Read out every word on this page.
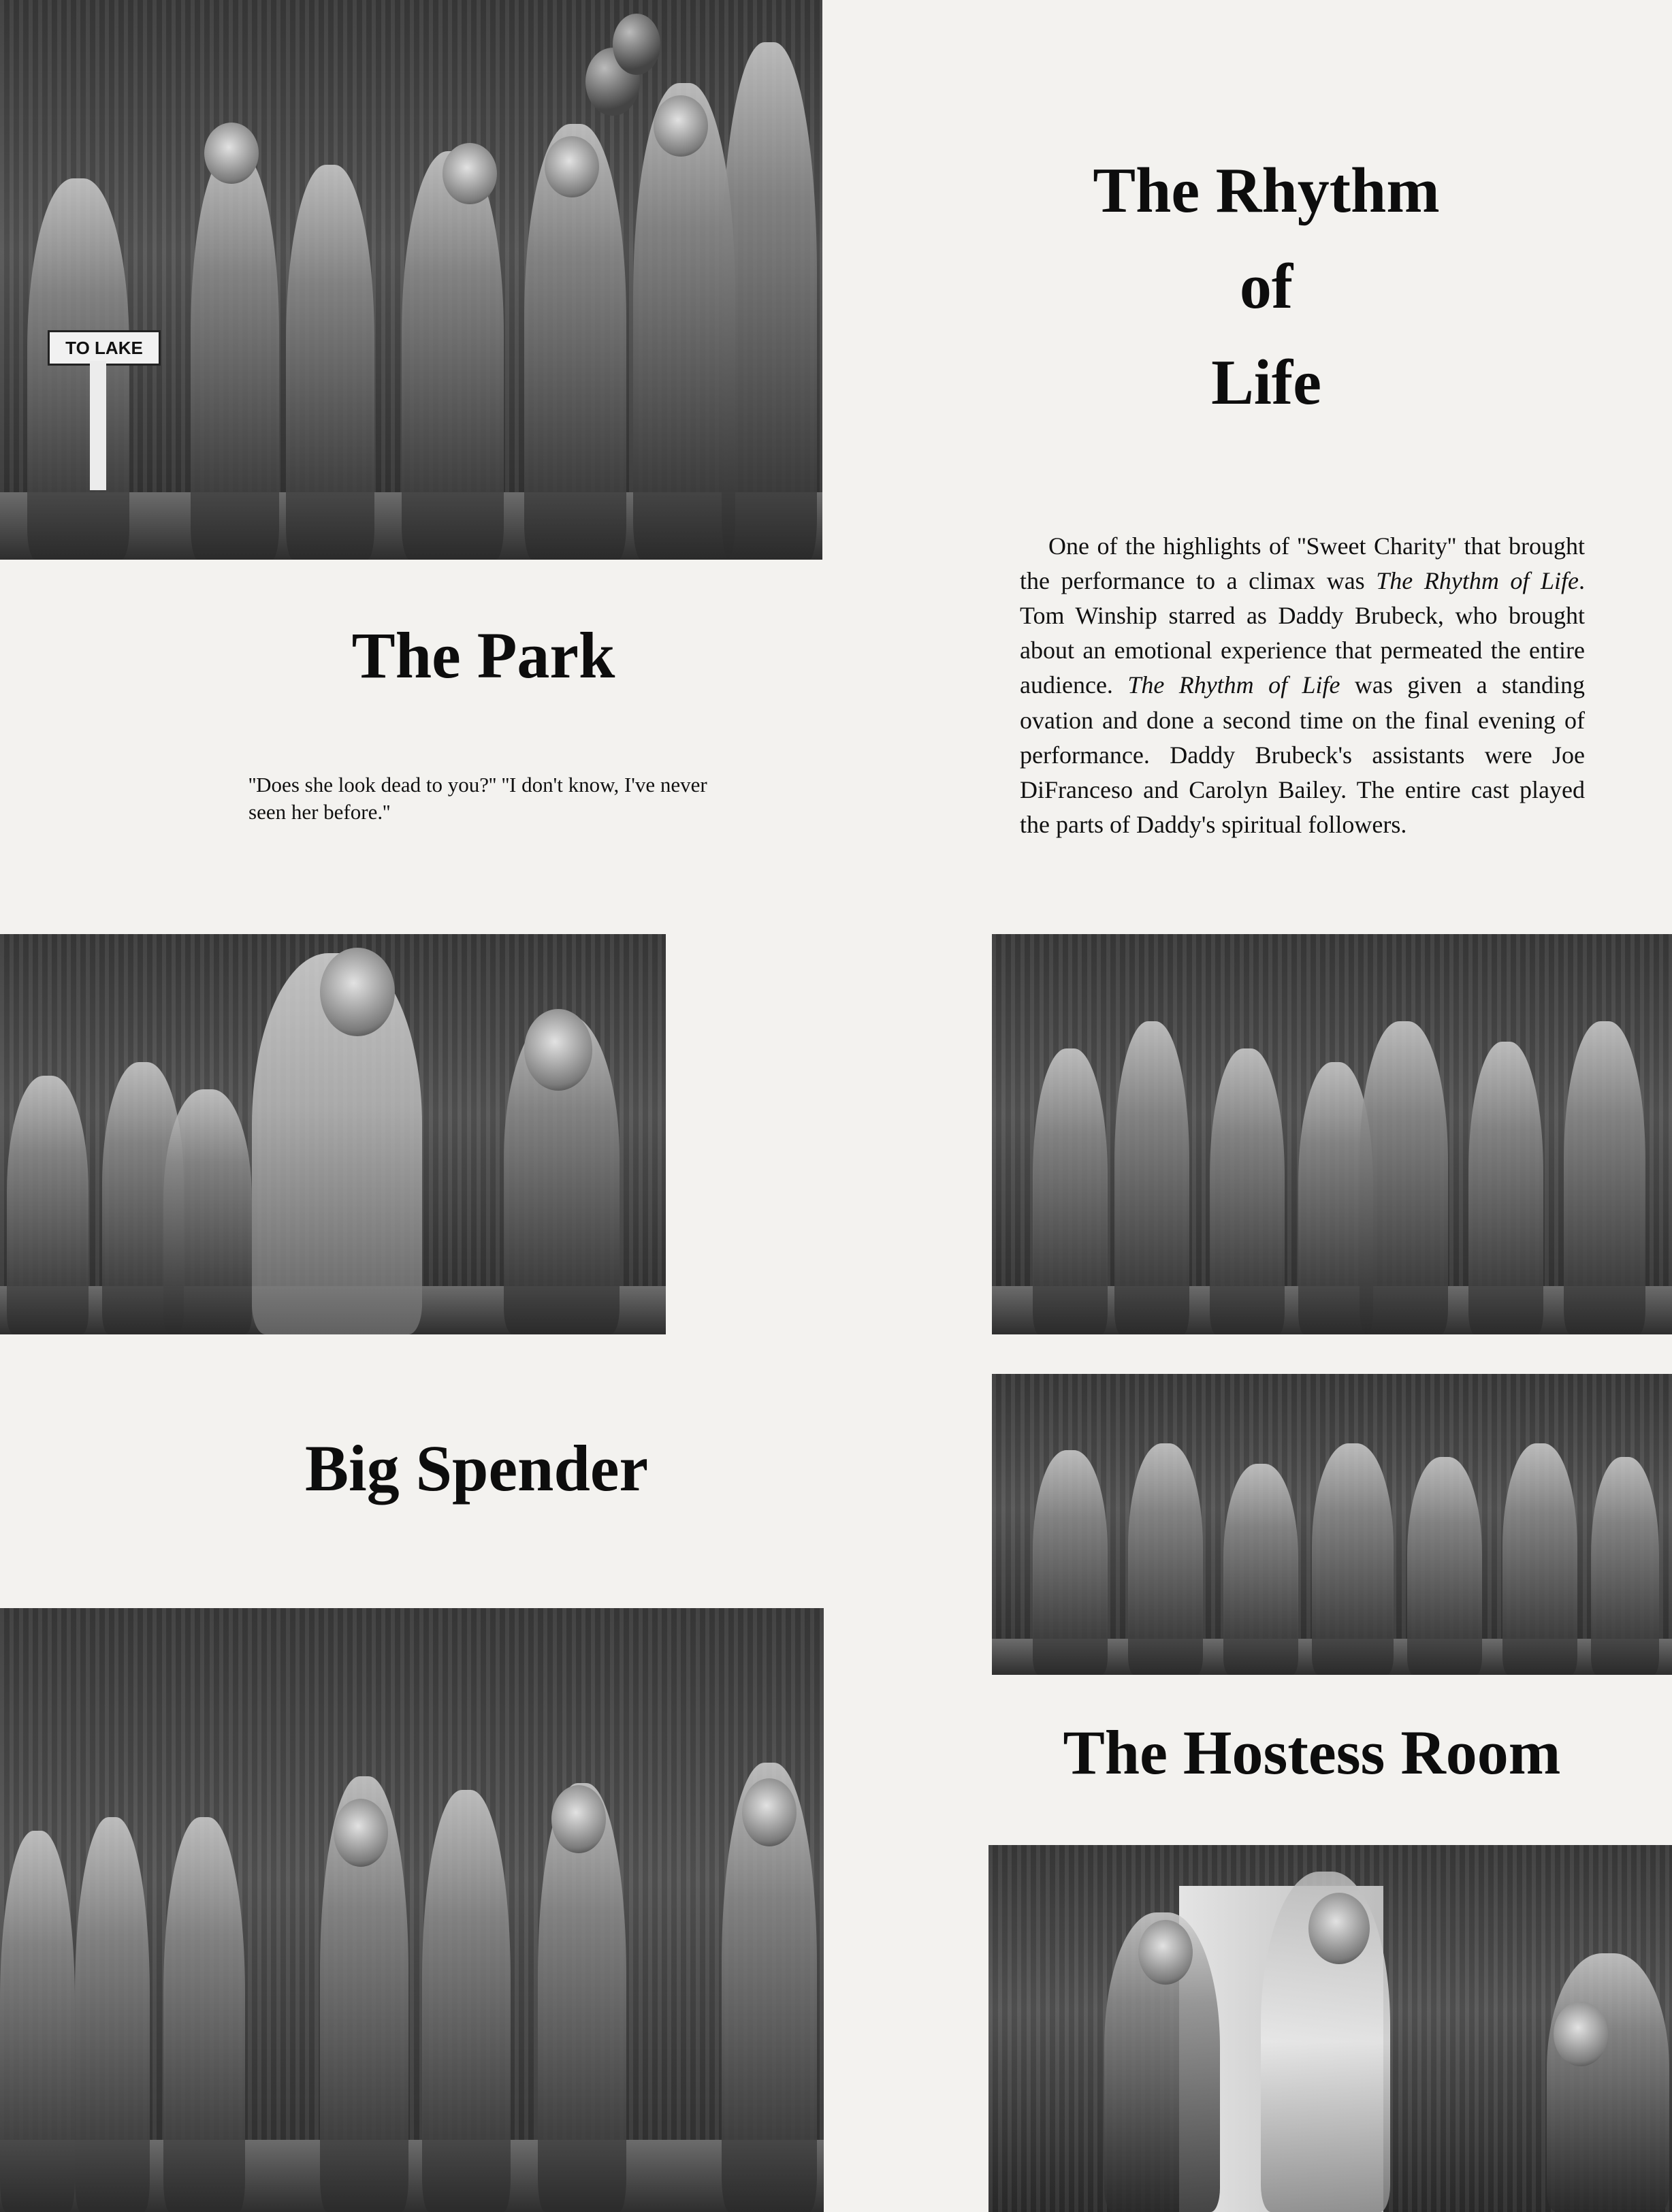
TO LAKE
The Rhythm
of
Life
One of the highlights of ''Sweet Charity'' that brought the performance to a climax was The Rhythm of Life. Tom Winship starred as Daddy Brubeck, who brought about an emotional experience that permeated the entire audience. The Rhythm of Life was given a standing ovation and done a second time on the final evening of performance. Daddy Brubeck's assistants were Joe DiFranceso and Carolyn Bailey. The entire cast played the parts of Daddy's spiritual followers.
The Park
''Does she look dead to you?'' ''I don't know, I've never seen her before.''
Big Spender
The Hostess Room
